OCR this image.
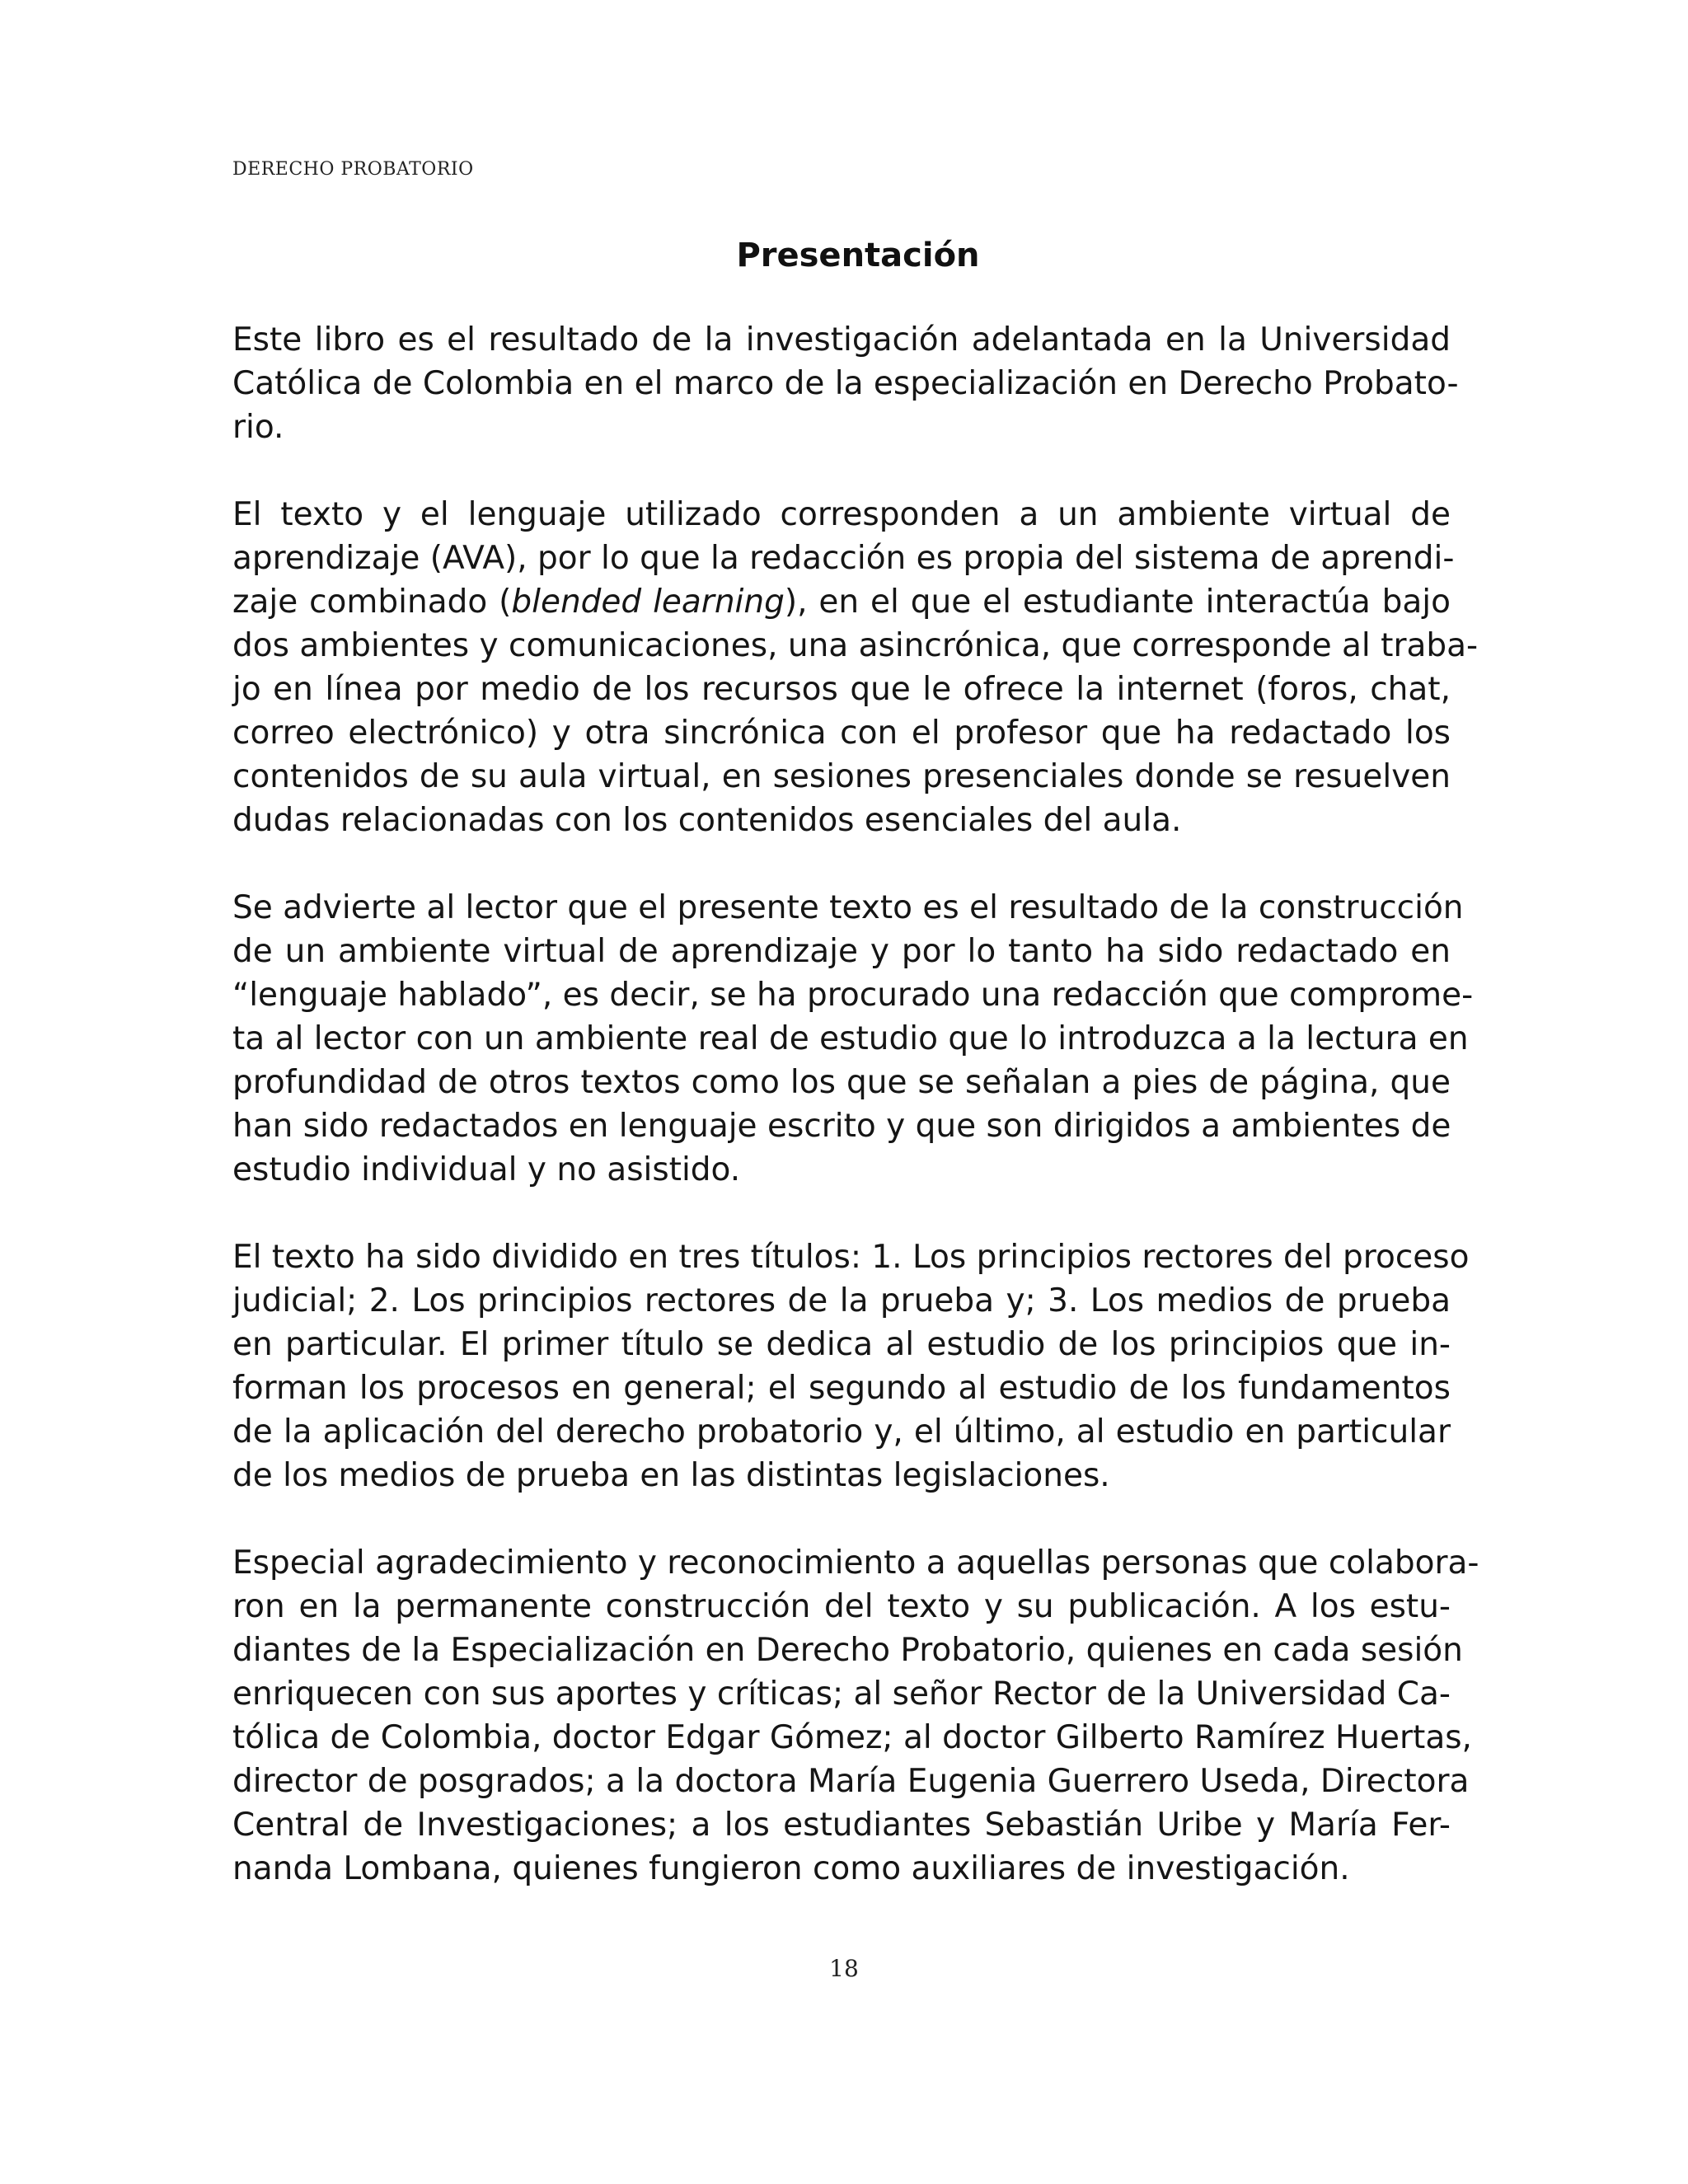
DERECHO PROBATORIO
Presentación

Este libro es el resultado de la investigación adelantada en la Universidad
Católica de Colombia en el marco de la especialización en Derecho Probato-
rio.

El texto y el lenguaje utilizado corresponden a un ambiente virtual de
aprendizaje (AVA), por lo que la redacción es propia del sistema de aprendi-
zaje combinado (blended learning), en el que el estudiante interactúa bajo
dos ambientes y comunicaciones, una asincrónica, que corresponde al traba-
jo en línea por medio de los recursos que le ofrece la internet (foros, chat,
correo electrónico) y otra sincrónica con el profesor que ha redactado los
contenidos de su aula virtual, en sesiones presenciales donde se resuelven
dudas relacionadas con los contenidos esenciales del aula.

Se advierte al lector que el presente texto es el resultado de la construcción
de un ambiente virtual de aprendizaje y por lo tanto ha sido redactado en
“lenguaje hablado”, es decir, se ha procurado una redacción que comprome-
ta al lector con un ambiente real de estudio que lo introduzca a la lectura en
profundidad de otros textos como los que se señalan a pies de página, que
han sido redactados en lenguaje escrito y que son dirigidos a ambientes de
estudio individual y no asistido.

El texto ha sido dividido en tres títulos: 1. Los principios rectores del proceso
judicial; 2. Los principios rectores de la prueba y; 3. Los medios de prueba
en particular. El primer título se dedica al estudio de los principios que in-
forman los procesos en general; el segundo al estudio de los fundamentos
de la aplicación del derecho probatorio y, el último, al estudio en particular
de los medios de prueba en las distintas legislaciones.

Especial agradecimiento y reconocimiento a aquellas personas que colabora-
ron en la permanente construcción del texto y su publicación. A los estu-
diantes de la Especialización en Derecho Probatorio, quienes en cada sesión
enriquecen con sus aportes y críticas; al señor Rector de la Universidad Ca-
tólica de Colombia, doctor Edgar Gómez; al doctor Gilberto Ramírez Huertas,
director de posgrados; a la doctora María Eugenia Guerrero Useda, Directora
Central de Investigaciones; a los estudiantes Sebastián Uribe y María Fer-
nanda Lombana, quienes fungieron como auxiliares de investigación.

18
